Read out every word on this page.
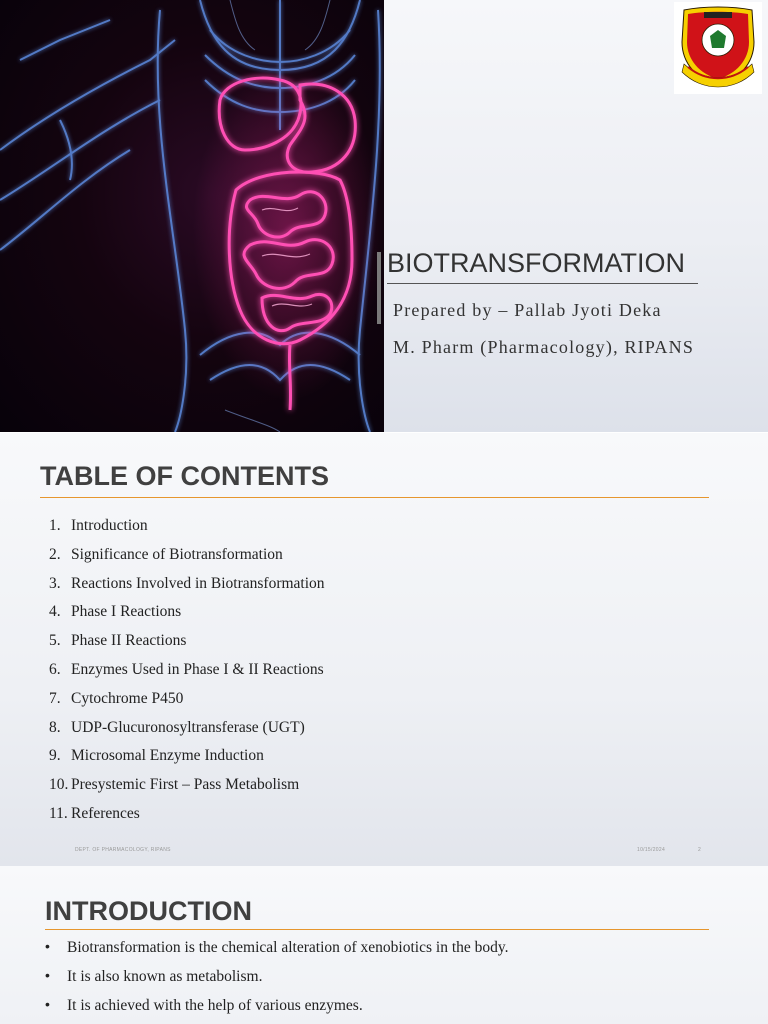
BIOTRANSFORMATION
Prepared by – Pallab Jyoti Deka
M. Pharm (Pharmacology), RIPANS
TABLE OF CONTENTS
1. Introduction
2. Significance of Biotransformation
3. Reactions Involved in Biotransformation
4. Phase I Reactions
5. Phase II Reactions
6. Enzymes Used in Phase I & II Reactions
7. Cytochrome P450
8. UDP-Glucuronosyltransferase (UGT)
9. Microsomal Enzyme Induction
10. Presystemic First – Pass Metabolism
11. References
DEPT. OF PHARMACOLOGY, RIPANS	10/15/2024	2
INTRODUCTION
• Biotransformation is the chemical alteration of xenobiotics in the body.
• It is also known as metabolism.
• It is achieved with the help of various enzymes.
